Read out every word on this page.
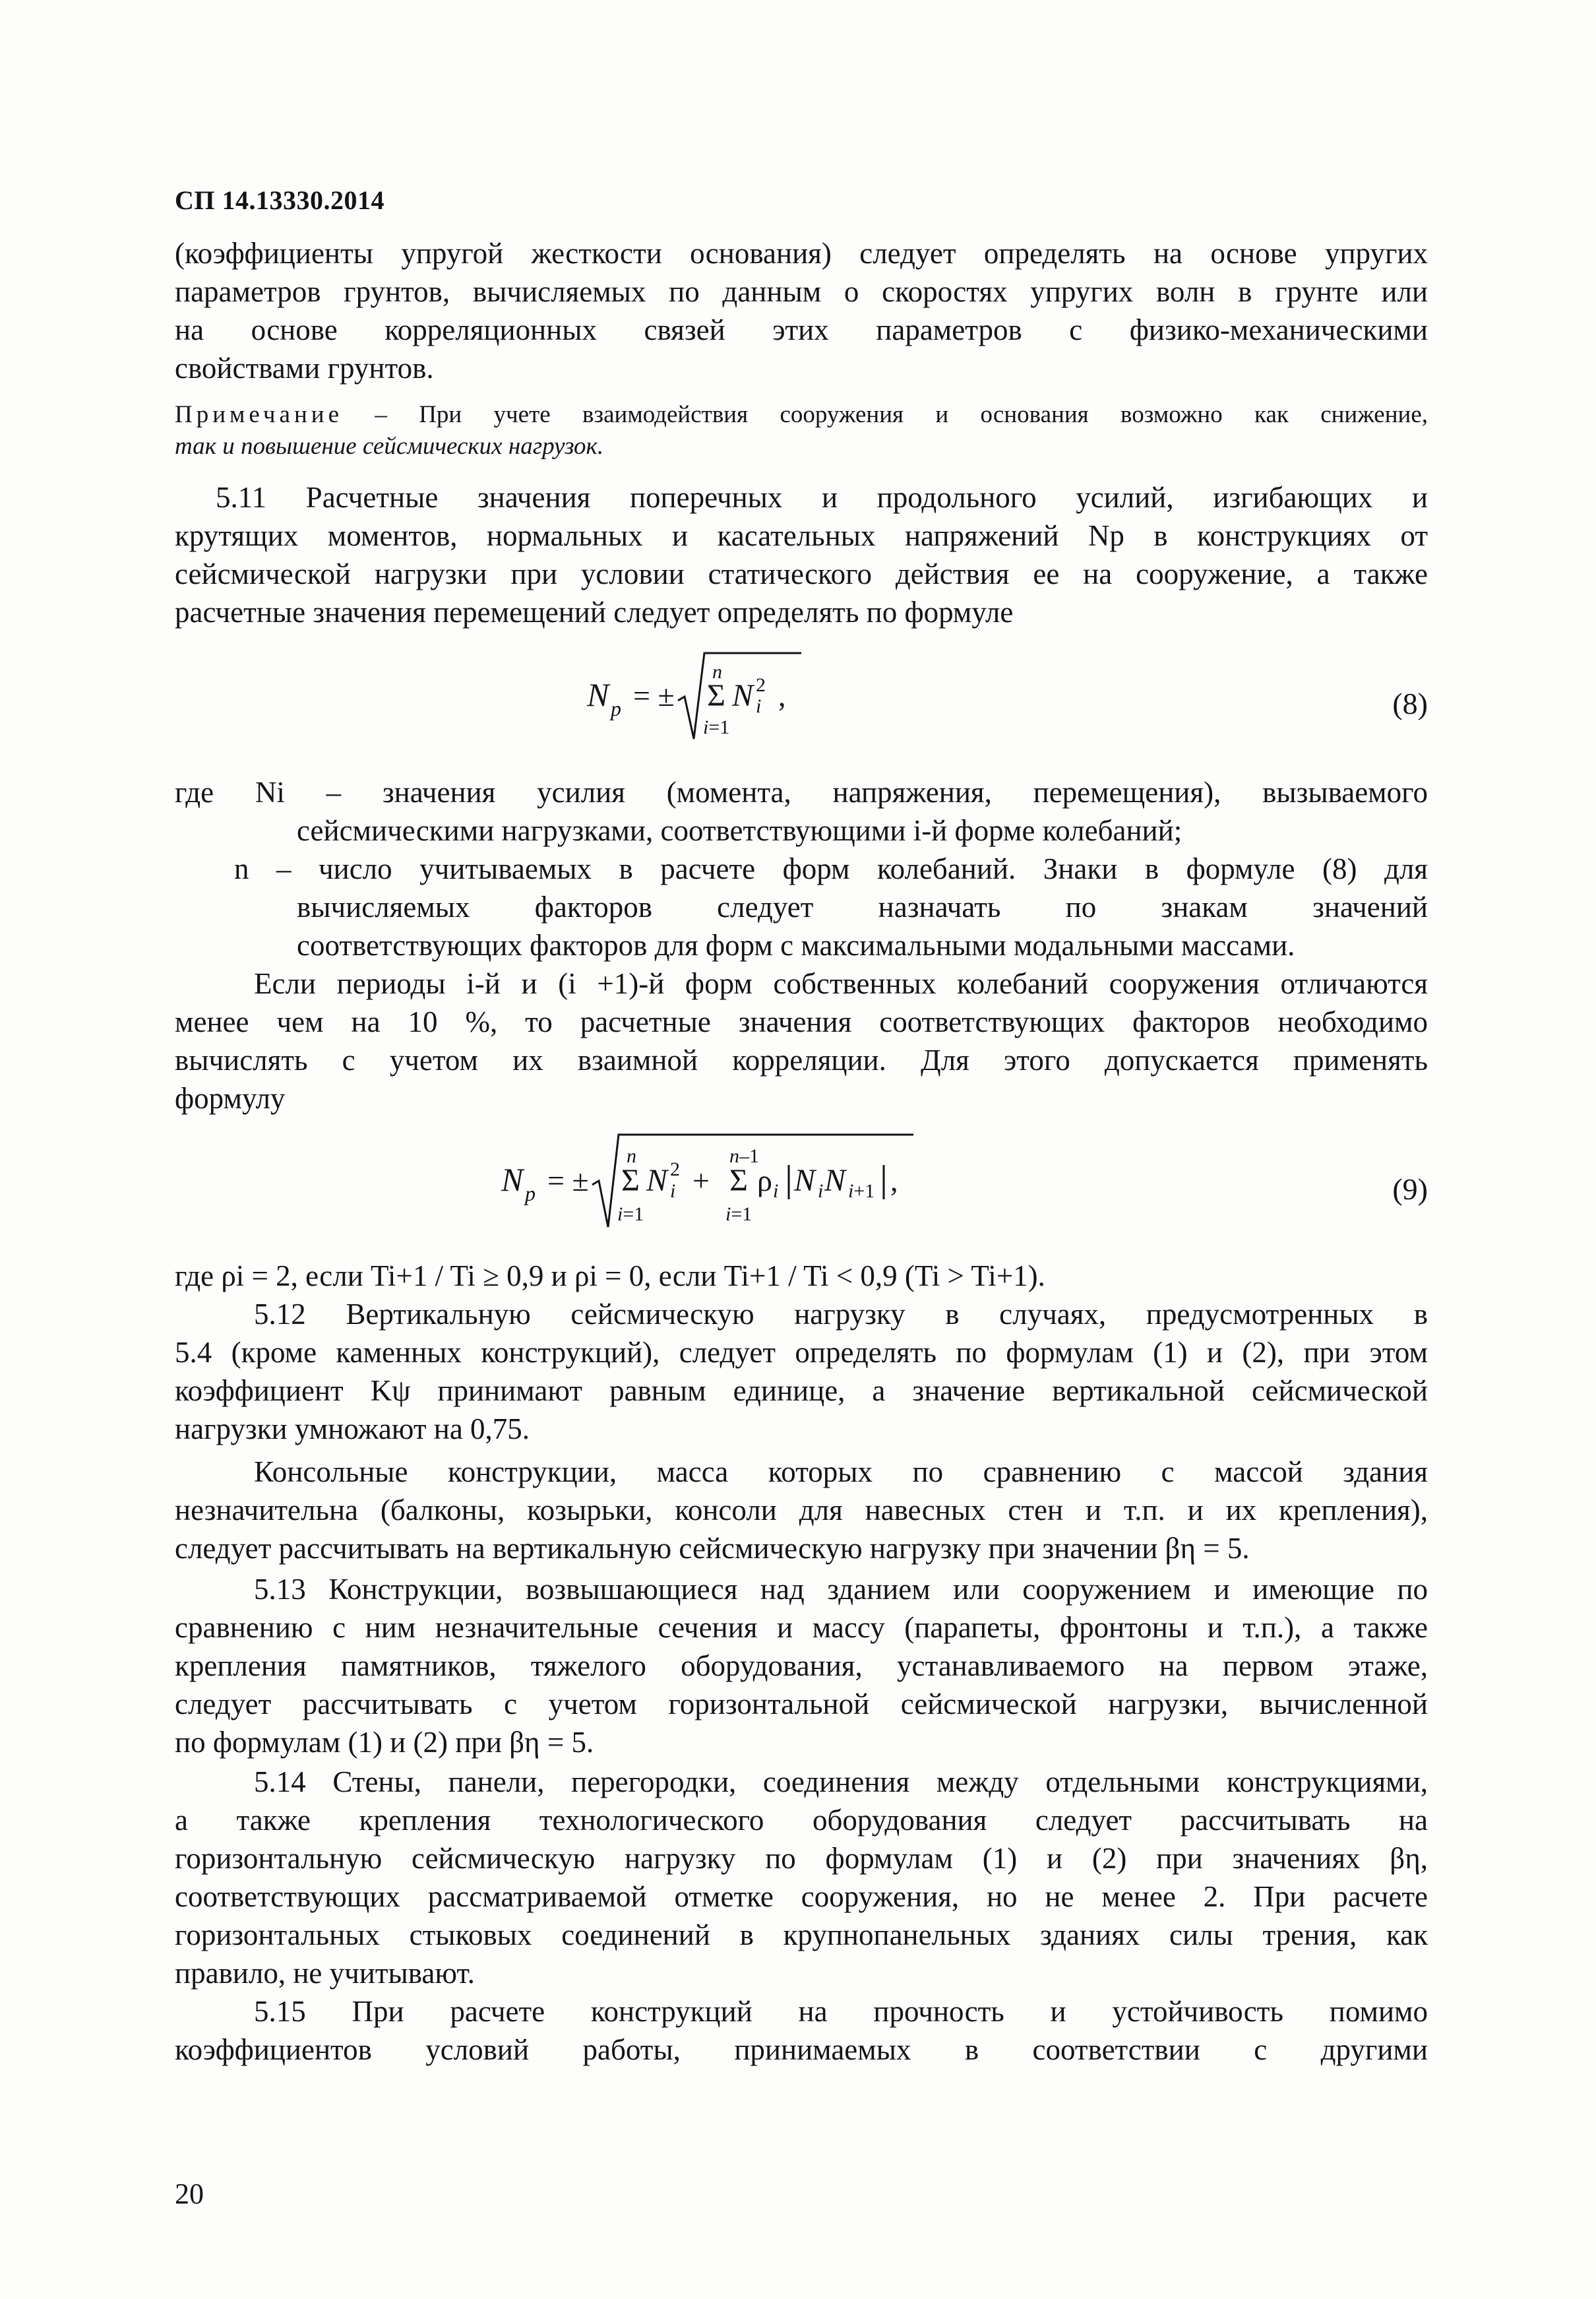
СП 14.13330.2014
(коэффициенты упругой жесткости основания) следует определять на основе упругих
параметров грунтов, вычисляемых по данным о скоростях упругих волн в грунте или
на основе корреляционных связей этих параметров с физико-механическими
свойствами грунтов.
Примечание – При учете взаимодействия сооружения и основания возможно как снижение,
так и повышение сейсмических нагрузок.
5.11 Расчетные значения поперечных и продольного усилий, изгибающих и
крутящих моментов, нормальных и касательных напряжений Np в конструкциях от
сейсмической нагрузки при условии статического действия ее на сооружение, а также
расчетные значения перемещений следует определять по формуле
N p = ±
n
Σ
i=1
N i
2 ,	(8)
где Ni – значения усилия (момента, напряжения, перемещения), вызываемого
сейсмическими нагрузками, соответствующими i-й форме колебаний;
n – число учитываемых в расчете форм колебаний. Знаки в формуле (8) для
вычисляемых факторов следует назначать по знакам значений
соответствующих факторов для форм с максимальными модальными массами.
Если периоды i-й и (i +1)-й форм собственных колебаний сооружения отличаются
менее чем на 10 %, то расчетные значения соответствующих факторов необходимо
вычислять с учетом их взаимной корреляции. Для этого допускается применять
формулу
N p = ±
n
Σ
i=1
N i
2 +
n–1
Σ
i=1
ρ i N i N i+1 ,	(9)
где ρi = 2, если Ti+1 / Ti ≥ 0,9 и ρi = 0, если Ti+1 / Ti < 0,9 (Ti > Ti+1).
5.12 Вертикальную сейсмическую нагрузку в случаях, предусмотренных в
5.4 (кроме каменных конструкций), следует определять по формулам (1) и (2), при этом
коэффициент Kψ принимают равным единице, а значение вертикальной сейсмической
нагрузки умножают на 0,75.
Консольные конструкции, масса которых по сравнению с массой здания
незначительна (балконы, козырьки, консоли для навесных стен и т.п. и их крепления),
следует рассчитывать на вертикальную сейсмическую нагрузку при значении βη = 5.
5.13 Конструкции, возвышающиеся над зданием или сооружением и имеющие по
сравнению с ним незначительные сечения и массу (парапеты, фронтоны и т.п.), а также
крепления памятников, тяжелого оборудования, устанавливаемого на первом этаже,
следует рассчитывать с учетом горизонтальной сейсмической нагрузки, вычисленной
по формулам (1) и (2) при βη = 5.
5.14 Стены, панели, перегородки, соединения между отдельными конструкциями,
а также крепления технологического оборудования следует рассчитывать на
горизонтальную сейсмическую нагрузку по формулам (1) и (2) при значениях βη,
соответствующих рассматриваемой отметке сооружения, но не менее 2. При расчете
горизонтальных стыковых соединений в крупнопанельных зданиях силы трения, как
правило, не учитывают.
5.15 При расчете конструкций на прочность и устойчивость помимо
коэффициентов условий работы, принимаемых в соответствии с другими
20
